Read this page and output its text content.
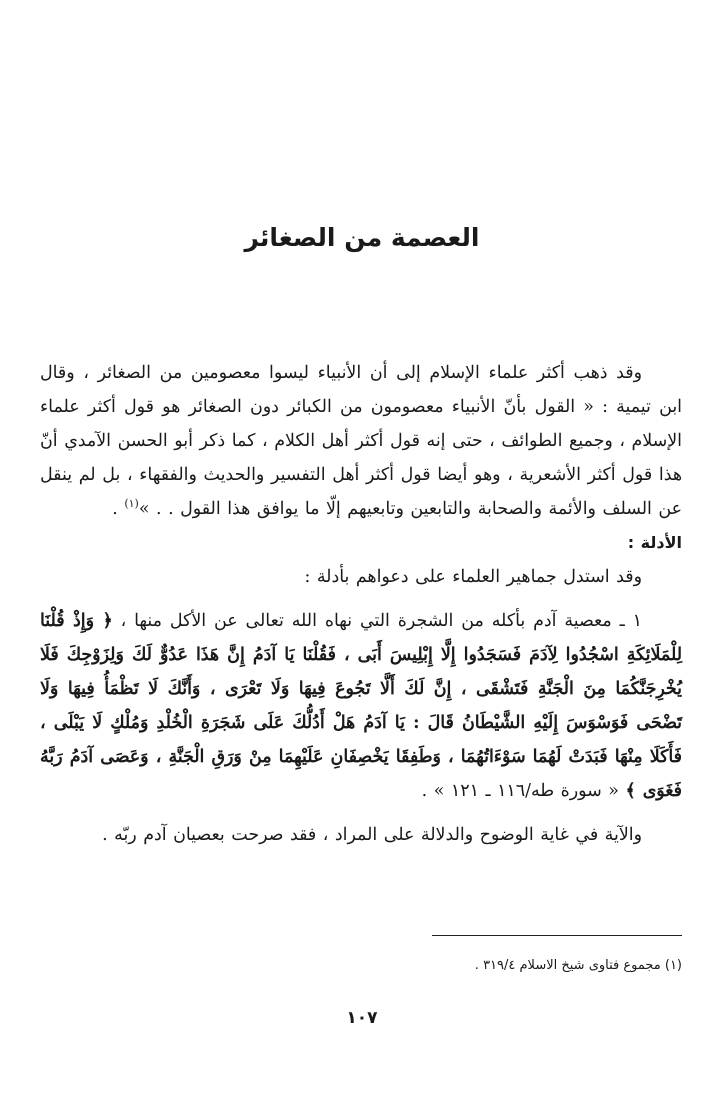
العصمة من الصغائر

وقد ذهب أكثر علماء الإسلام إلى أن الأنبياء ليسوا معصومين من الصغائر ، وقال ابن تيمية : « القول بأنّ الأنبياء معصومون من الكبائر دون الصغائر هو قول أكثر علماء الإسلام ، وجميع الطوائف ، حتى إنه قول أكثر أهل الكلام ، كما ذكر أبو الحسن الآمدي أنّ هذا قول أكثر الأشعرية ، وهو أيضا قول أكثر أهل التفسير والحديث والفقهاء ، بل لم ينقل عن السلف والأئمة والصحابة والتابعين وتابعيهم إلّا ما يوافق هذا القول . . »$^{(١)}$ .

الأدلة :

وقد استدل جماهير العلماء على دعواهم بأدلة :

١ ـ معصية آدم بأكله من الشجرة التي نهاه الله تعالى عن الأكل منها ، ﴿ وَإِذْ قُلْنَا لِلْمَلَائِكَةِ اسْجُدُوا لِآدَمَ فَسَجَدُوا إِلَّا إِبْلِيسَ أَبَى ، فَقُلْنَا يَا آدَمُ إِنَّ هَذَا عَدُوٌّ لَكَ وَلِزَوْجِكَ فَلَا يُخْرِجَنَّكُمَا مِنَ الْجَنَّةِ فَتَشْقَى ، إِنَّ لَكَ أَلَّا تَجُوعَ فِيهَا وَلَا تَعْرَى ، وَأَنَّكَ لَا تَظْمَأُ فِيهَا وَلَا تَضْحَى فَوَسْوَسَ إِلَيْهِ الشَّيْطَانُ قَالَ : يَا آدَمُ هَلْ أَدُلُّكَ عَلَى شَجَرَةِ الْخُلْدِ وَمُلْكٍ لَا يَبْلَى ، فَأَكَلَا مِنْهَا فَبَدَتْ لَهُمَا سَوْءَاتُهُمَا ، وَطَفِقَا يَخْصِفَانِ عَلَيْهِمَا مِنْ وَرَقِ الْجَنَّةِ ، وَعَصَى آدَمُ رَبَّهُ فَغَوَى ﴾ « سورة طه/١١٦ ـ ١٢١ » .

والآية في غاية الوضوح والدلالة على المراد ، فقد صرحت بعصيان آدم ربّه .

(١) مجموع فتاوى شيخ الاسلام ٣١٩/٤ .
١٠٧
